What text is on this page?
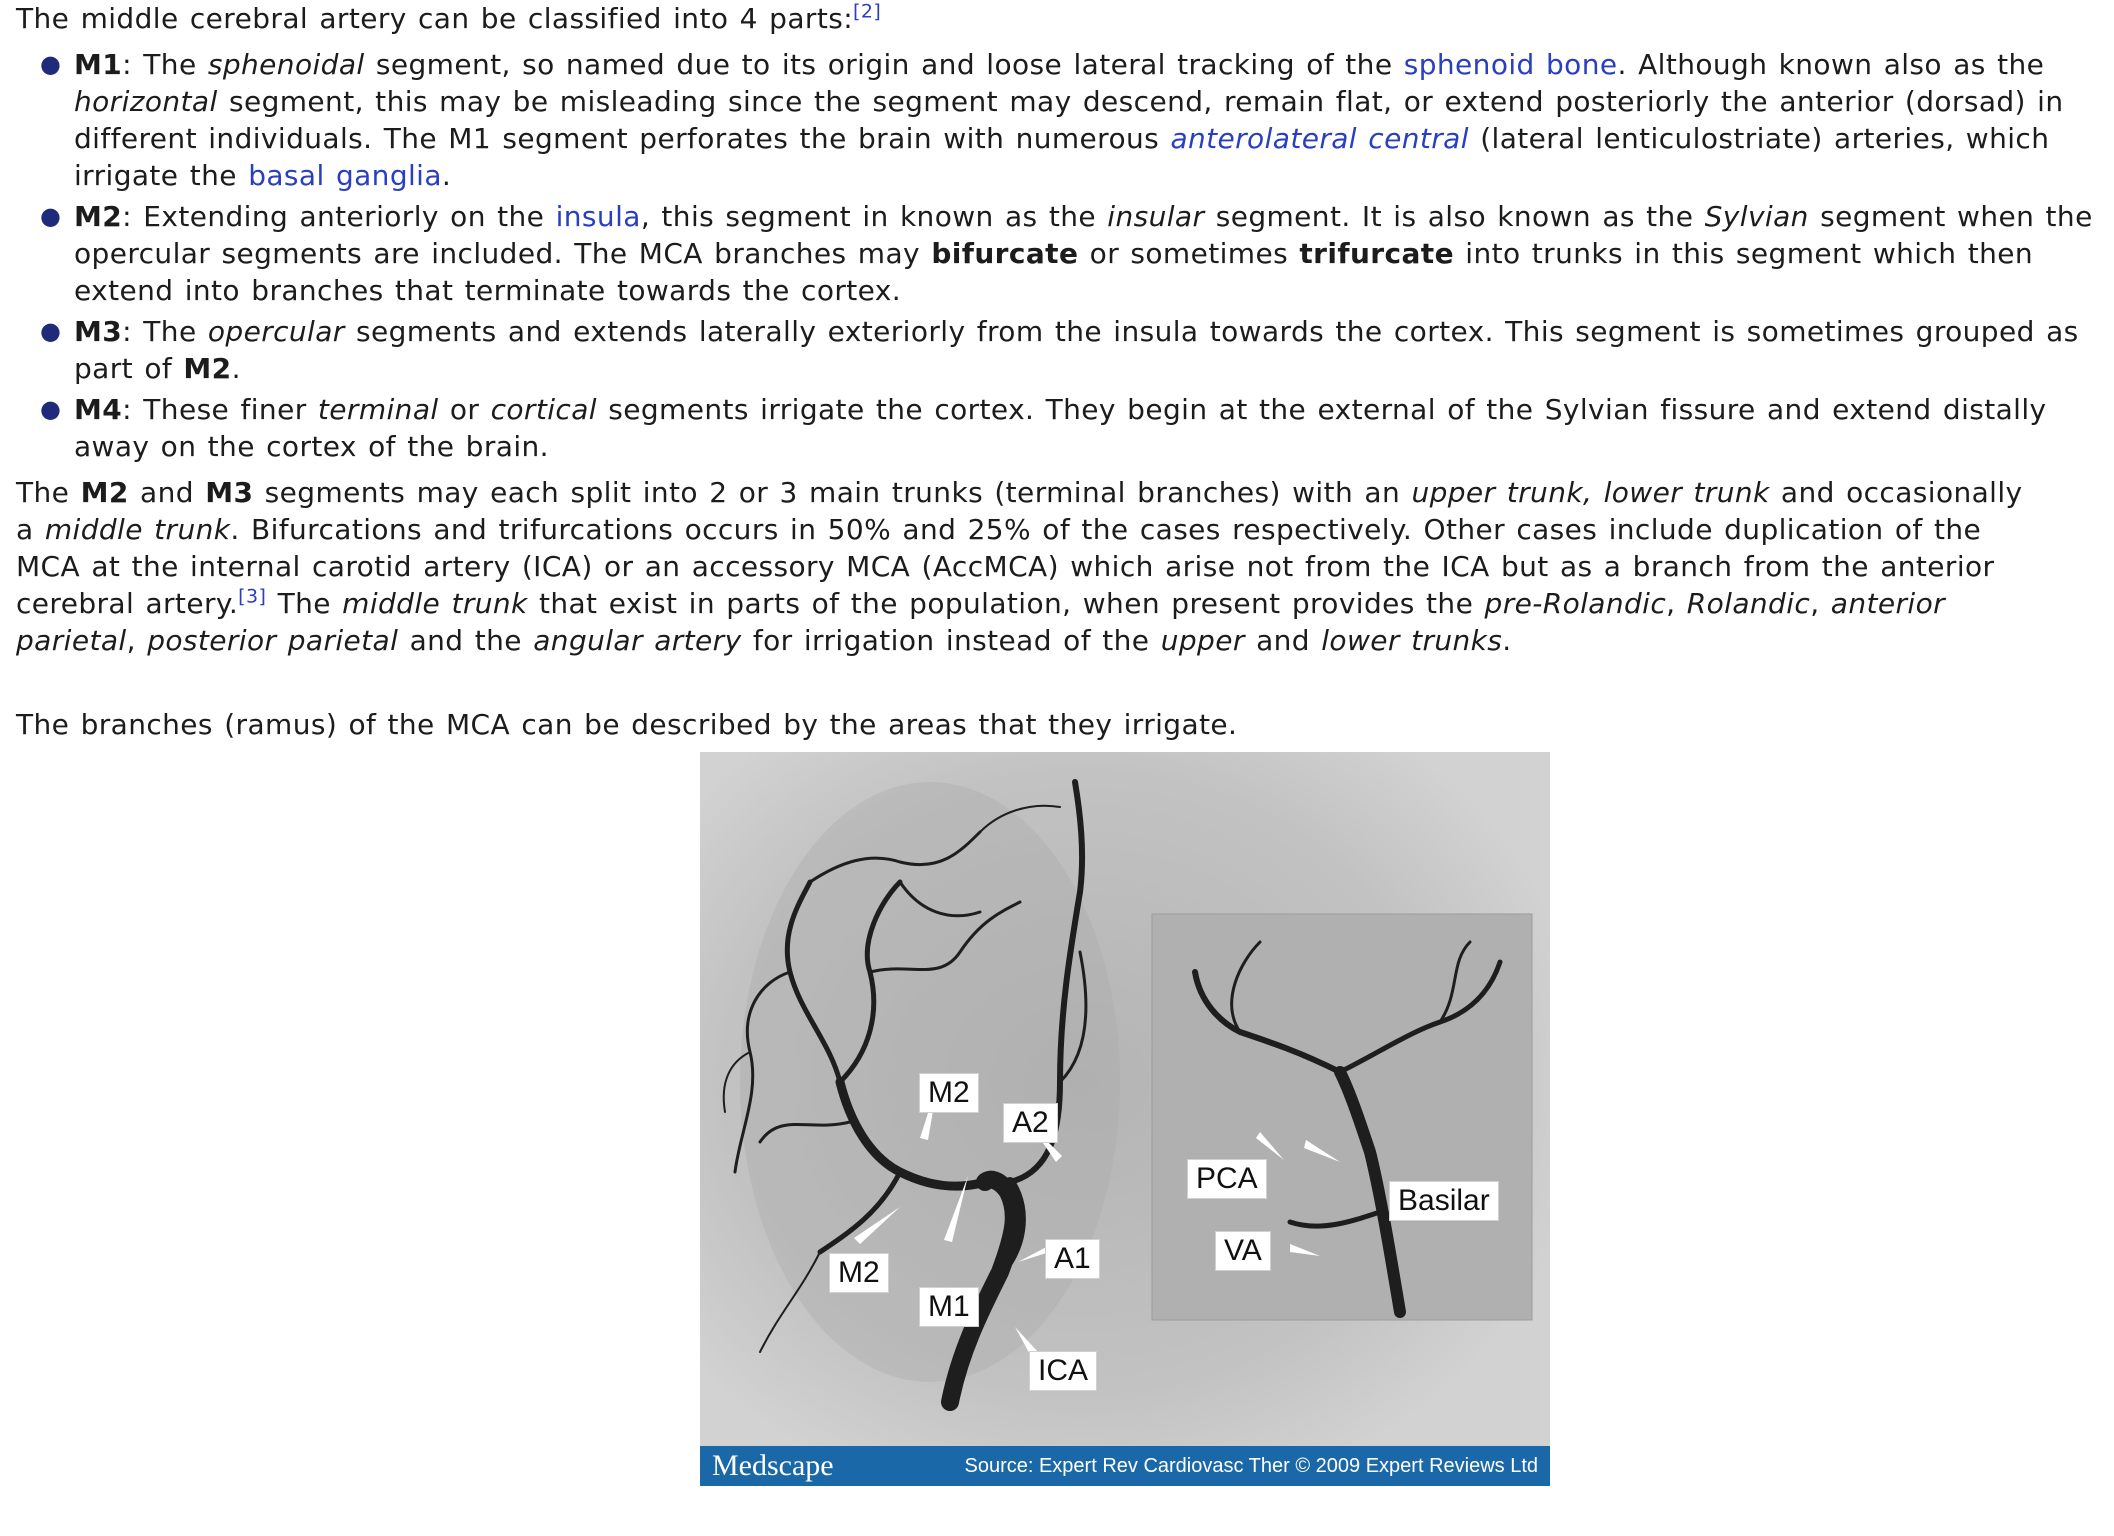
The middle cerebral artery can be classified into 4 parts:[2]

● M1: The sphenoidal segment, so named due to its origin and loose lateral tracking of the sphenoid bone. Although known also as the horizontal segment, this may be misleading since the segment may descend, remain flat, or extend posteriorly the anterior (dorsad) in different individuals. The M1 segment perforates the brain with numerous anterolateral central (lateral lenticulostriate) arteries, which irrigate the basal ganglia.
● M2: Extending anteriorly on the insula, this segment in known as the insular segment. It is also known as the Sylvian segment when the opercular segments are included. The MCA branches may bifurcate or sometimes trifurcate into trunks in this segment which then extend into branches that terminate towards the cortex.
● M3: The opercular segments and extends laterally exteriorly from the insula towards the cortex. This segment is sometimes grouped as part of M2.
● M4: These finer terminal or cortical segments irrigate the cortex. They begin at the external of the Sylvian fissure and extend distally away on the cortex of the brain.

The M2 and M3 segments may each split into 2 or 3 main trunks (terminal branches) with an upper trunk, lower trunk and occasionally a middle trunk. Bifurcations and trifurcations occurs in 50% and 25% of the cases respectively. Other cases include duplication of the MCA at the internal carotid artery (ICA) or an accessory MCA (AccMCA) which arise not from the ICA but as a branch from the anterior cerebral artery.[3] The middle trunk that exist in parts of the population, when present provides the pre-Rolandic, Rolandic, anterior parietal, posterior parietal and the angular artery for irrigation instead of the upper and lower trunks.

The branches (ramus) of the MCA can be described by the areas that they irrigate.

M2
A2
M2	A1
M1
ICA
PCA
Basilar
VA
Medscape	Source: Expert Rev Cardiovasc Ther © 2009 Expert Reviews Ltd
